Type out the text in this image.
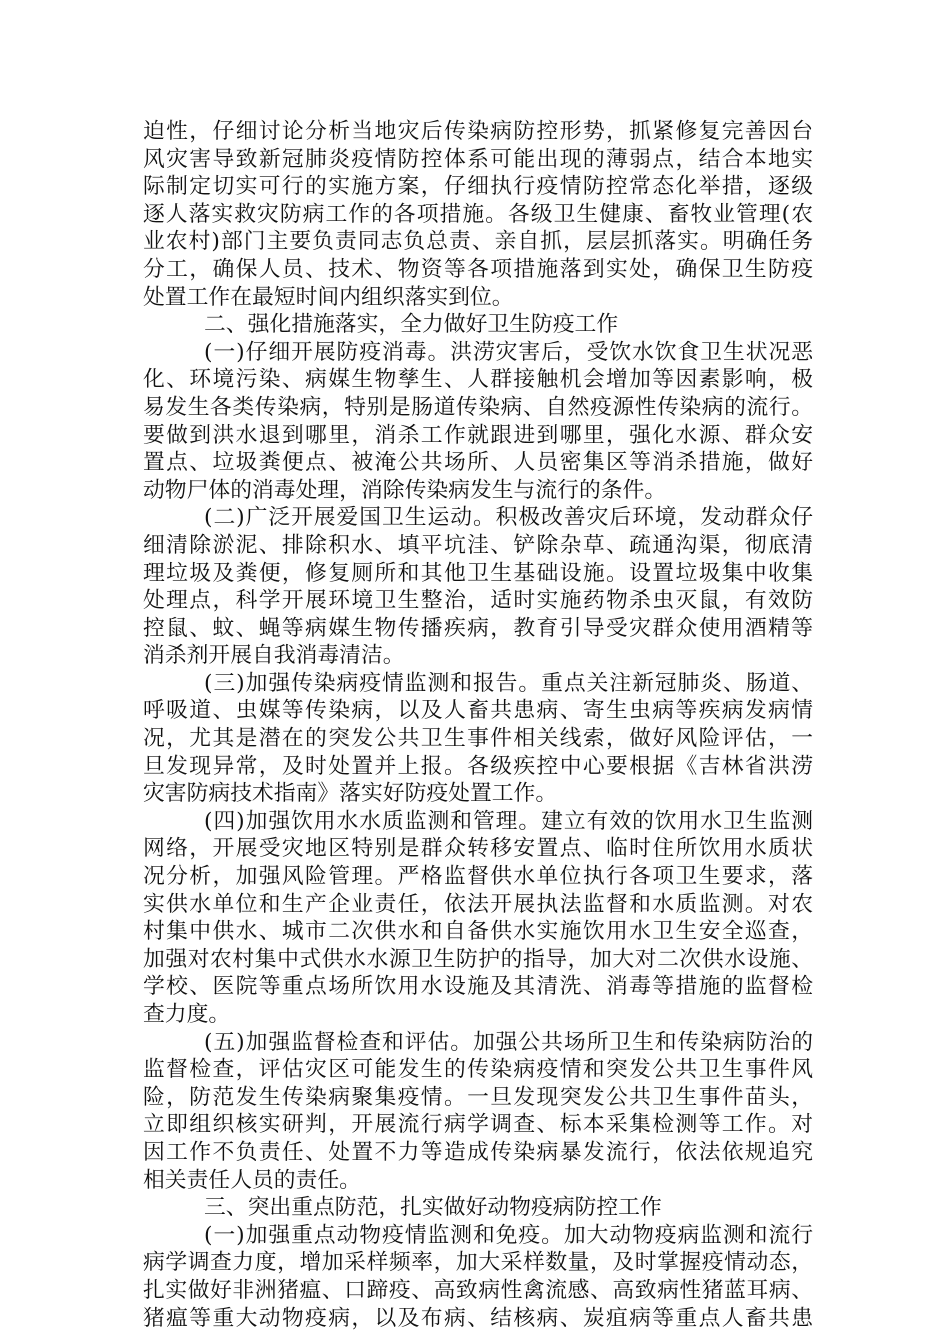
迫性，仔细讨论分析当地灾后传染病防控形势，抓紧修复完善因台
风灾害导致新冠肺炎疫情防控体系可能出现的薄弱点，结合本地实
际制定切实可行的实施方案，仔细执行疫情防控常态化举措，逐级
逐人落实救灾防病工作的各项措施。各级卫生健康、畜牧业管理(农
业农村)部门主要负责同志负总责、亲自抓，层层抓落实。明确任务
分工，确保人员、技术、物资等各项措施落到实处，确保卫生防疫
处置工作在最短时间内组织落实到位。
二、强化措施落实，全力做好卫生防疫工作
(一)仔细开展防疫消毒。洪涝灾害后，受饮水饮食卫生状况恶
化、环境污染、病媒生物孳生、人群接触机会增加等因素影响，极
易发生各类传染病，特别是肠道传染病、自然疫源性传染病的流行。
要做到洪水退到哪里，消杀工作就跟进到哪里，强化水源、群众安
置点、垃圾粪便点、被淹公共场所、人员密集区等消杀措施，做好
动物尸体的消毒处理，消除传染病发生与流行的条件。
(二)广泛开展爱国卫生运动。积极改善灾后环境，发动群众仔
细清除淤泥、排除积水、填平坑洼、铲除杂草、疏通沟渠，彻底清
理垃圾及粪便，修复厕所和其他卫生基础设施。设置垃圾集中收集
处理点，科学开展环境卫生整治，适时实施药物杀虫灭鼠，有效防
控鼠、蚊、蝇等病媒生物传播疾病，教育引导受灾群众使用酒精等
消杀剂开展自我消毒清洁。
(三)加强传染病疫情监测和报告。重点关注新冠肺炎、肠道、
呼吸道、虫媒等传染病，以及人畜共患病、寄生虫病等疾病发病情
况，尤其是潜在的突发公共卫生事件相关线索，做好风险评估，一
旦发现异常，及时处置并上报。各级疾控中心要根据《吉林省洪涝
灾害防病技术指南》落实好防疫处置工作。
(四)加强饮用水水质监测和管理。建立有效的饮用水卫生监测
网络，开展受灾地区特别是群众转移安置点、临时住所饮用水质状
况分析，加强风险管理。严格监督供水单位执行各项卫生要求，落
实供水单位和生产企业责任，依法开展执法监督和水质监测。对农
村集中供水、城市二次供水和自备供水实施饮用水卫生安全巡查，
加强对农村集中式供水水源卫生防护的指导，加大对二次供水设施、
学校、医院等重点场所饮用水设施及其清洗、消毒等措施的监督检
查力度。
(五)加强监督检查和评估。加强公共场所卫生和传染病防治的
监督检查，评估灾区可能发生的传染病疫情和突发公共卫生事件风
险，防范发生传染病聚集疫情。一旦发现突发公共卫生事件苗头，
立即组织核实研判，开展流行病学调查、标本采集检测等工作。对
因工作不负责任、处置不力等造成传染病暴发流行，依法依规追究
相关责任人员的责任。
三、突出重点防范，扎实做好动物疫病防控工作
(一)加强重点动物疫情监测和免疫。加大动物疫病监测和流行
病学调查力度，增加采样频率，加大采样数量，及时掌握疫情动态，
扎实做好非洲猪瘟、口蹄疫、高致病性禽流感、高致病性猪蓝耳病、
猪瘟等重大动物疫病，以及布病、结核病、炭疽病等重点人畜共患
